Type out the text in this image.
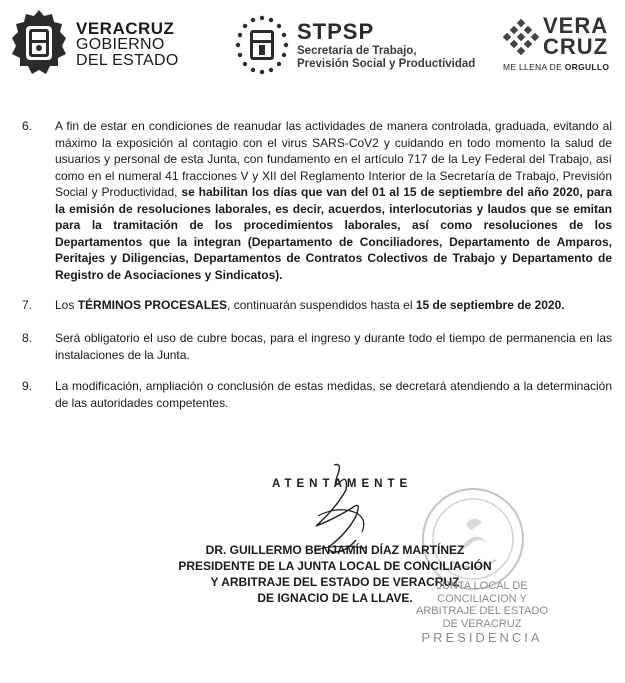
VERACRUZ
GOBIERNO
DEL ESTADO
STPSP
Secretaría de Trabajo,
Previsión Social y Productividad
VERA
CRUZ
ME LLENA DE ORGULLO
6.	A fin de estar en condiciones de reanudar las actividades de manera controlada, graduada, evitando al máximo la exposición al contagio con el virus SARS-CoV2 y cuidando en todo momento la salud de usuarios y personal de esta Junta, con fundamento en el artículo 717 de la Ley Federal del Trabajo, así como en el numeral 41 fracciones V y XII del Reglamento Interior de la Secretaría de Trabajo, Previsión Social y Productividad, se habilitan los días que van del 01 al 15 de septiembre del año 2020, para la emisión de resoluciones laborales, es decir, acuerdos, interlocutorias y laudos que se emitan para la tramitación de los procedimientos laborales, así como resoluciones de los Departamentos que la integran (Departamento de Conciliadores, Departamento de Amparos, Peritajes y Diligencias, Departamentos de Contratos Colectivos de Trabajo y Departamento de Registro de Asociaciones y Sindicatos).
7.	Los TÉRMINOS PROCESALES, continuarán suspendidos hasta el 15 de septiembre de 2020.
8.	Será obligatorio el uso de cubre bocas, para el ingreso y durante todo el tiempo de permanencia en las instalaciones de la Junta.
9.	La modificación, ampliación o conclusión de estas medidas, se decretará atendiendo a la determinación de las autoridades competentes.
ATENTAMENTE
DR. GUILLERMO BENJAMÍN DÍAZ MARTÍNEZ
PRESIDENTE DE LA JUNTA LOCAL DE CONCILIACIÓN
Y ARBITRAJE DEL ESTADO DE VERACRUZ
DE IGNACIO DE LA LLAVE.
JUNTA LOCAL DE
CONCILIACION Y
ARBITRAJE DEL ESTADO
DE VERACRUZ
PRESIDENCIA
